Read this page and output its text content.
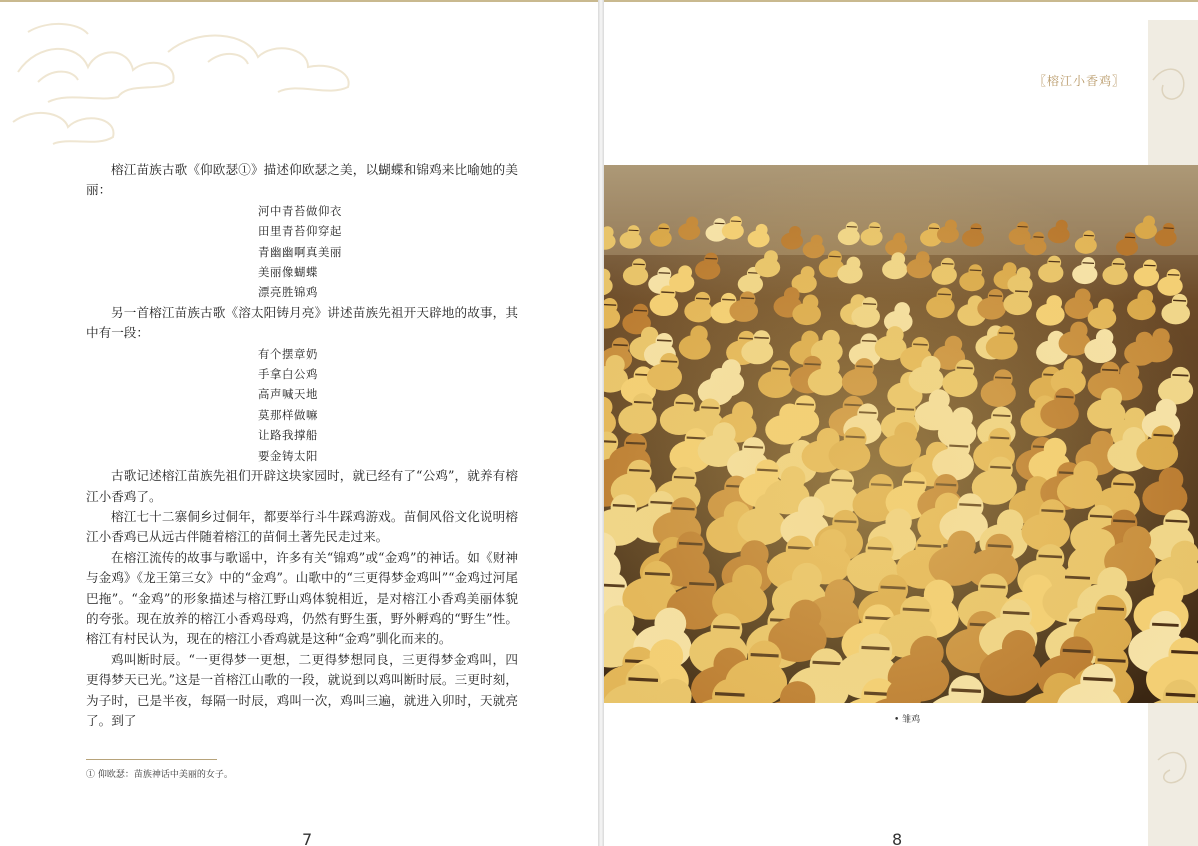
榕江苗族古歌《仰欧瑟①》描述仰欧瑟之美，以蝴蝶和锦鸡来比喻她的美丽：

河中青苔做仰衣
田里青苔仰穿起
青幽幽啊真美丽
美丽像蝴蝶
漂亮胜锦鸡

另一首榕江苗族古歌《溶太阳铸月亮》讲述苗族先祖开天辟地的故事，其中有一段：

有个摆章奶
手拿白公鸡
高声喊天地
莫那样做嘛
让路我撑船
要金铸太阳

古歌记述榕江苗族先祖们开辟这块家园时，就已经有了“公鸡”，就养有榕江小香鸡了。

榕江七十二寨侗乡过侗年，都要举行斗牛踩鸡游戏。苗侗风俗文化说明榕江小香鸡已从远古伴随着榕江的苗侗土著先民走过来。

在榕江流传的故事与歌谣中，许多有关“锦鸡”或“金鸡”的神话。如《财神与金鸡》《龙王第三女》中的“金鸡”。山歌中的“三更得梦金鸡叫”“金鸡过河尾巴拖”。“金鸡”的形象描述与榕江野山鸡体貌相近，是对榕江小香鸡美丽体貌的夸张。现在放养的榕江小香鸡母鸡，仍然有野生蛋，野外孵鸡的“野生”性。榕江有村民认为，现在的榕江小香鸡就是这种“金鸡”驯化而来的。

鸡叫断时辰。“一更得梦一更想，二更得梦想同良，三更得梦金鸡叫，四更得梦天已光。”这是一首榕江山歌的一段，就说到以鸡叫断时辰。三更时刻，为子时，已是半夜，每隔一时辰，鸡叫一次，鸡叫三遍，就进入卯时，天就亮了。到了

① 仰欧瑟：苗族神话中美丽的女子。
7
〖榕江小香鸡〗
• 雏鸡
8
